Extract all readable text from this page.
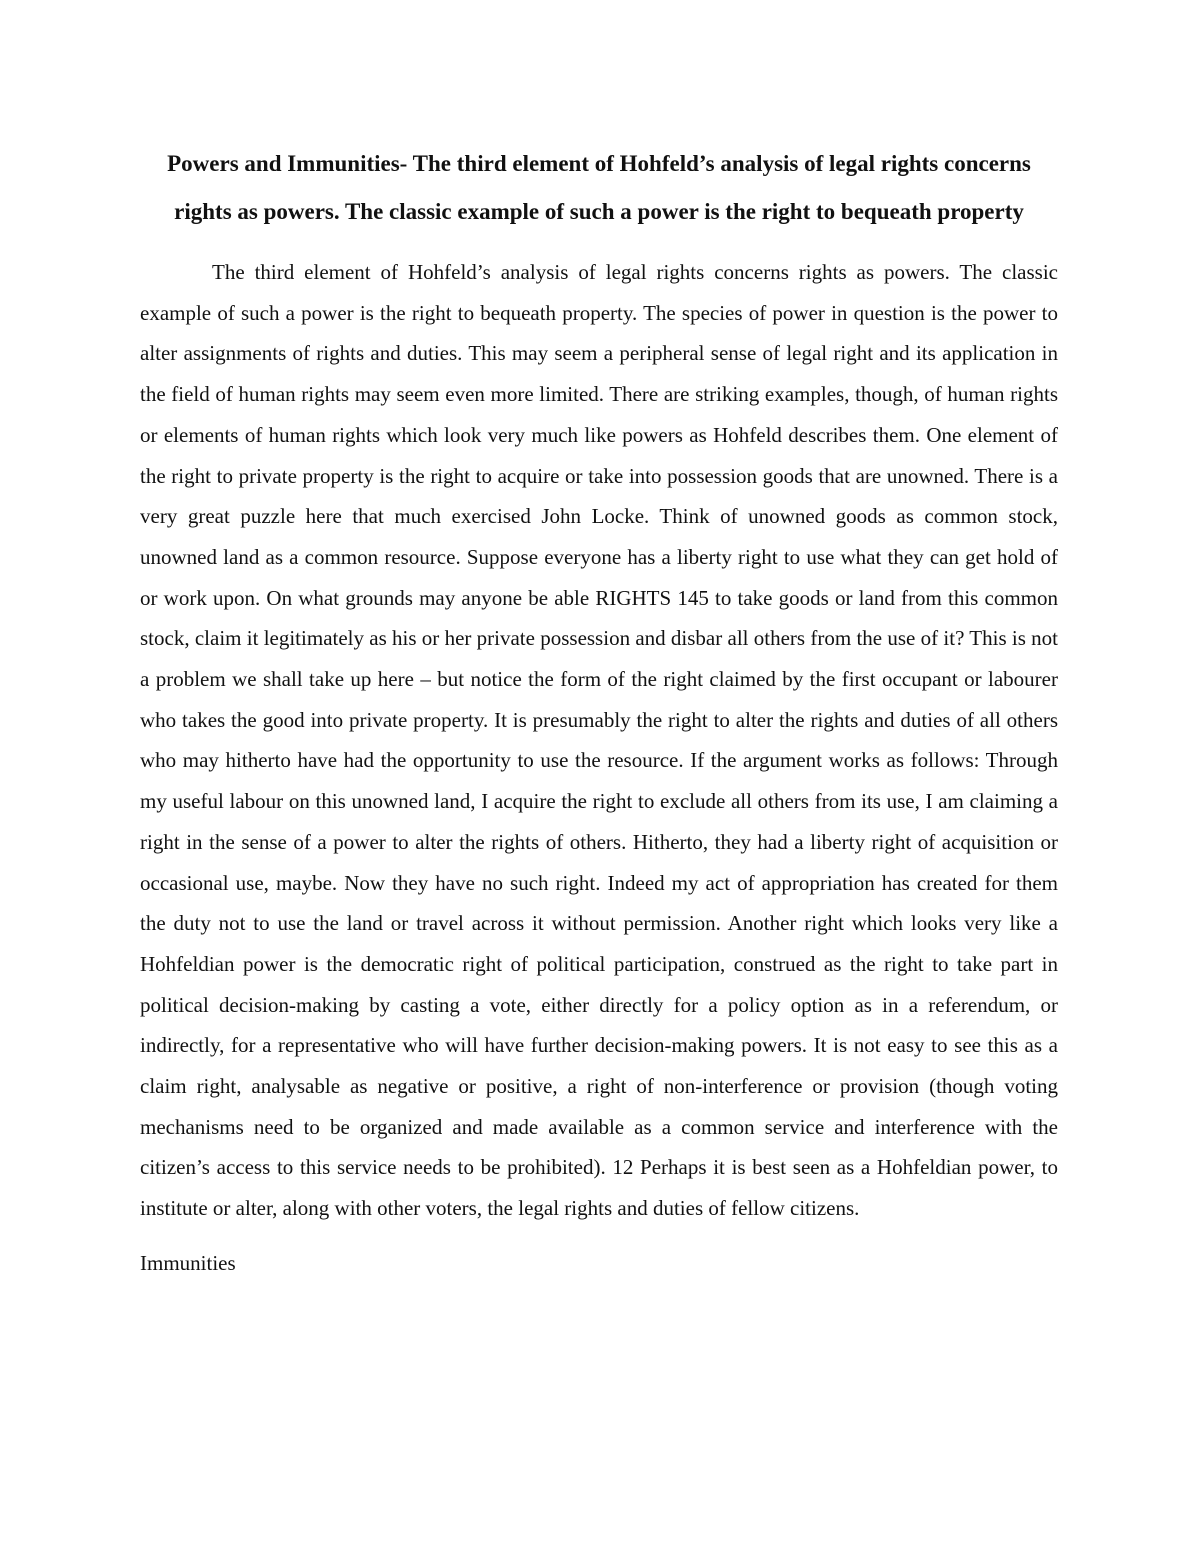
Powers and Immunities- The third element of Hohfeld’s analysis of legal rights concerns rights as powers. The classic example of such a power is the right to bequeath property

The third element of Hohfeld’s analysis of legal rights concerns rights as powers. The classic example of such a power is the right to bequeath property. The species of power in question is the power to alter assignments of rights and duties. This may seem a peripheral sense of legal right and its application in the field of human rights may seem even more limited. There are striking examples, though, of human rights or elements of human rights which look very much like powers as Hohfeld describes them. One element of the right to private property is the right to acquire or take into possession goods that are unowned. There is a very great puzzle here that much exercised John Locke. Think of unowned goods as common stock, unowned land as a common resource. Suppose everyone has a liberty right to use what they can get hold of or work upon. On what grounds may anyone be able RIGHTS 145 to take goods or land from this common stock, claim it legitimately as his or her private possession and disbar all others from the use of it? This is not a problem we shall take up here – but notice the form of the right claimed by the first occupant or labourer who takes the good into private property. It is presumably the right to alter the rights and duties of all others who may hitherto have had the opportunity to use the resource. If the argument works as follows: Through my useful labour on this unowned land, I acquire the right to exclude all others from its use, I am claiming a right in the sense of a power to alter the rights of others. Hitherto, they had a liberty right of acquisition or occasional use, maybe. Now they have no such right. Indeed my act of appropriation has created for them the duty not to use the land or travel across it without permission. Another right which looks very like a Hohfeldian power is the democratic right of political participation, construed as the right to take part in political decision-making by casting a vote, either directly for a policy option as in a referendum, or indirectly, for a representative who will have further decision-making powers. It is not easy to see this as a claim right, analysable as negative or positive, a right of non-interference or provision (though voting mechanisms need to be organized and made available as a common service and interference with the citizen’s access to this service needs to be prohibited). 12 Perhaps it is best seen as a Hohfeldian power, to institute or alter, along with other voters, the legal rights and duties of fellow citizens.

Immunities
